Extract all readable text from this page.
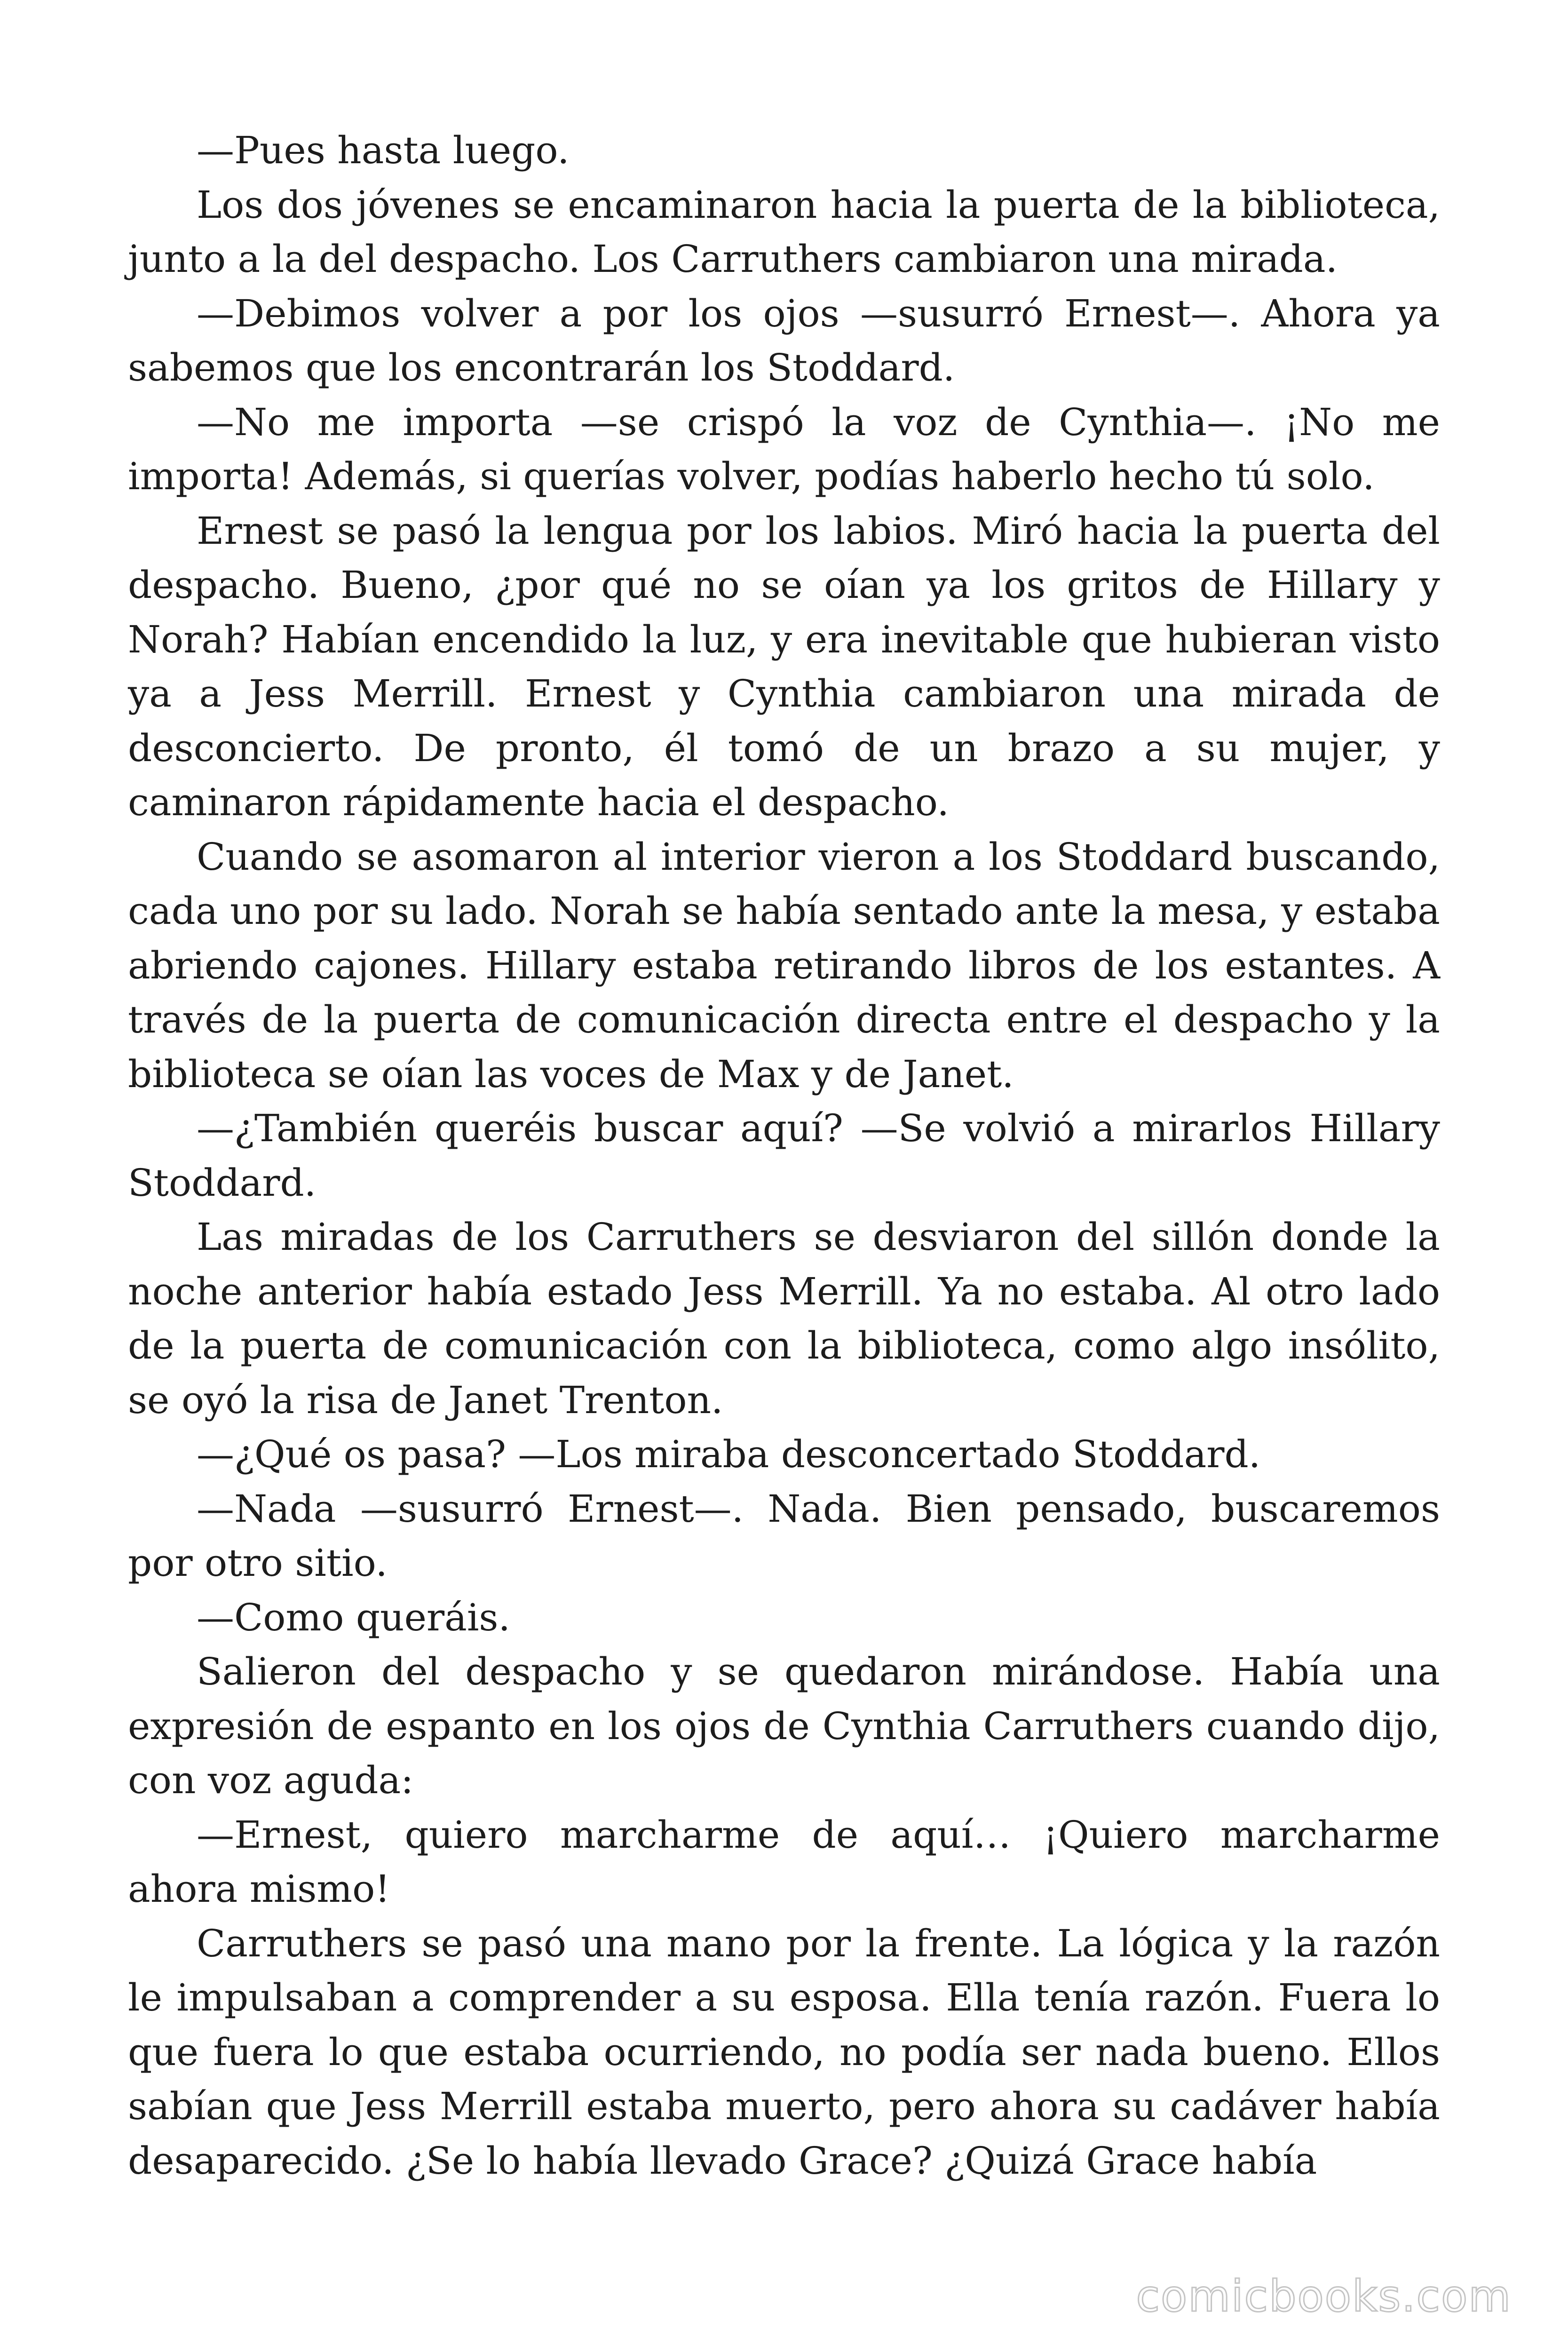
—Pues hasta luego.

Los dos jóvenes se encaminaron hacia la puerta de la biblioteca, junto a la del despacho. Los Carruthers cambiaron una mirada.

—Debimos volver a por los ojos —susurró Ernest—. Ahora ya sabemos que los encontrarán los Stoddard.

—No me importa —se crispó la voz de Cynthia—. ¡No me importa! Además, si querías volver, podías haberlo hecho tú solo.

Ernest se pasó la lengua por los labios. Miró hacia la puerta del despacho. Bueno, ¿por qué no se oían ya los gritos de Hillary y Norah? Habían encendido la luz, y era inevitable que hubieran visto ya a Jess Merrill. Ernest y Cynthia cambiaron una mirada de desconcierto. De pronto, él tomó de un brazo a su mujer, y caminaron rápidamente hacia el despacho.

Cuando se asomaron al interior vieron a los Stoddard buscando, cada uno por su lado. Norah se había sentado ante la mesa, y estaba abriendo cajones. Hillary estaba retirando libros de los estantes. A través de la puerta de comunicación directa entre el despacho y la biblioteca se oían las voces de Max y de Janet.

—¿También queréis buscar aquí? —Se volvió a mirarlos Hillary Stoddard.

Las miradas de los Carruthers se desviaron del sillón donde la noche anterior había estado Jess Merrill. Ya no estaba. Al otro lado de la puerta de comunicación con la biblioteca, como algo insólito, se oyó la risa de Janet Trenton.

—¿Qué os pasa? —Los miraba desconcertado Stoddard.

—Nada —susurró Ernest—. Nada. Bien pensado, buscaremos por otro sitio.

—Como queráis.

Salieron del despacho y se quedaron mirándose. Había una expresión de espanto en los ojos de Cynthia Carruthers cuando dijo, con voz aguda:

—Ernest, quiero marcharme de aquí… ¡Quiero marcharme ahora mismo!

Carruthers se pasó una mano por la frente. La lógica y la razón le impulsaban a comprender a su esposa. Ella tenía razón. Fuera lo que fuera lo que estaba ocurriendo, no podía ser nada bueno. Ellos sabían que Jess Merrill estaba muerto, pero ahora su cadáver había desaparecido. ¿Se lo había llevado Grace? ¿Quizá Grace había

comicbooks.com
